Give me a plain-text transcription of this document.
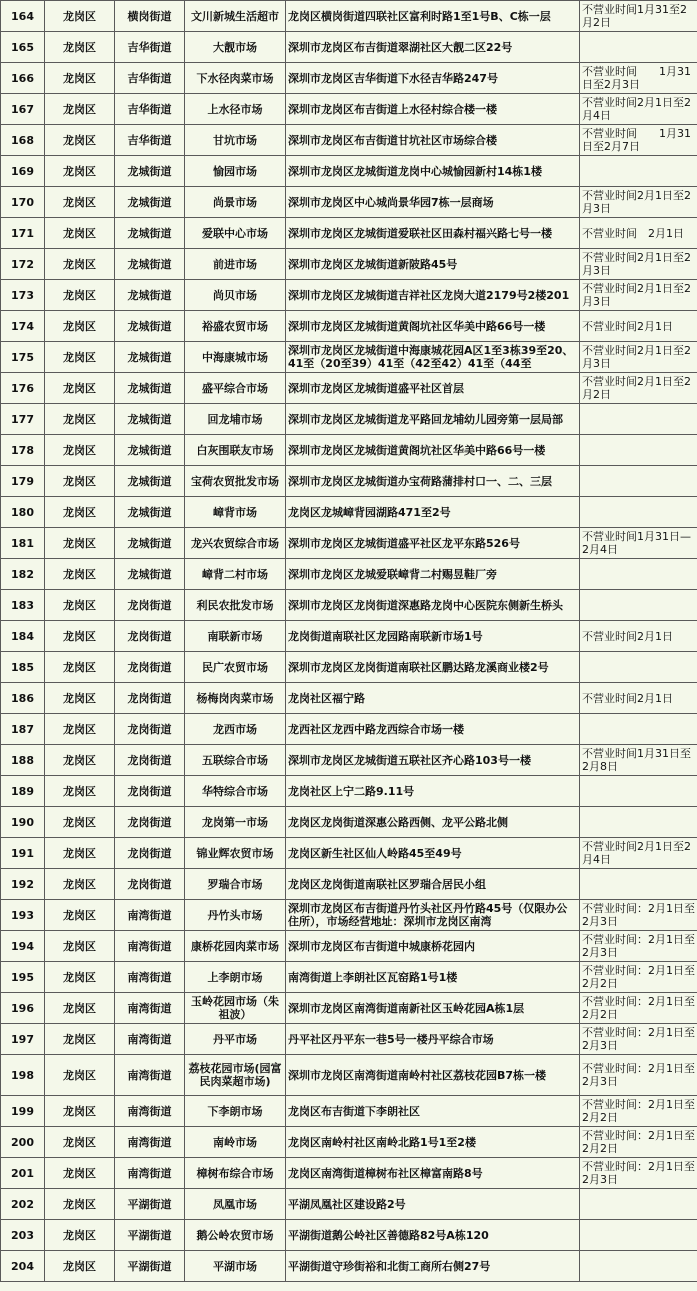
164	龙岗区	横岗街道	文川新城生活超市	龙岗区横岗街道四联社区富利时路1至1号B、C栋一层	不营业时间1月31至2月2日

165	龙岗区	吉华街道	大靓市场	深圳市龙岗区布吉街道翠湖社区大靓二区22号	

166	龙岗区	吉华街道	下水径肉菜市场	深圳市龙岗区吉华街道下水径吉华路247号	不营业时间　　1月31日至2月3日

167	龙岗区	吉华街道	上水径市场	深圳市龙岗区布吉街道上水径村综合楼一楼	不营业时间2月1日至2月4日

168	龙岗区	吉华街道	甘坑市场	深圳市龙岗区布吉街道甘坑社区市场综合楼	不营业时间　　1月31日至2月7日

169	龙岗区	龙城街道	愉园市场	深圳市龙岗区龙城街道龙岗中心城愉园新村14栋1楼	

170	龙岗区	龙城街道	尚景市场	深圳市龙岗区中心城尚景华园7栋一层商场	不营业时间2月1日至2月3日

171	龙岗区	龙城街道	爱联中心市场	深圳市龙岗区龙城街道爱联社区田森村福兴路七号一楼	不营业时间　2月1日

172	龙岗区	龙城街道	前进市场	深圳市龙岗区龙城街道新陂路45号	不营业时间2月1日至2月3日

173	龙岗区	龙城街道	尚贝市场	深圳市龙岗区龙城街道吉祥社区龙岗大道2179号2楼201	不营业时间2月1日至2月3日

174	龙岗区	龙城街道	裕盛农贸市场	深圳市龙岗区龙城街道黄阁坑社区华美中路66号一楼	不营业时间2月1日

175	龙岗区	龙城街道	中海康城市场	深圳市龙岗区龙城街道中海康城花园A区1至3栋39至20、41至（20至39）41至（42至42）41至（44至	不营业时间2月1日至2月3日

176	龙岗区	龙城街道	盛平综合市场	深圳市龙岗区龙城街道盛平社区首层	不营业时间2月1日至2月2日

177	龙岗区	龙城街道	回龙埔市场	深圳市龙岗区龙城街道龙平路回龙埔幼儿园旁第一层局部	

178	龙岗区	龙城街道	白灰围联友市场	深圳市龙岗区龙城街道黄阁坑社区华美中路66号一楼	

179	龙岗区	龙城街道	宝荷农贸批发市场	深圳市龙岗区龙城街道办宝荷路蒲排村口一、二、三层	

180	龙岗区	龙城街道	嶂背市场	龙岗区龙城嶂背园湖路471至2号	

181	龙岗区	龙城街道	龙兴农贸综合市场	深圳市龙岗区龙城街道盛平社区龙平东路526号	不营业时间1月31日—2月4日

182	龙岗区	龙城街道	嶂背二村市场	深圳市龙岗区龙城爱联嶂背二村赐昱鞋厂旁	

183	龙岗区	龙岗街道	利民农批发市场	深圳市龙岗区龙岗街道深惠路龙岗中心医院东侧新生桥头	

184	龙岗区	龙岗街道	南联新市场	龙岗街道南联社区龙园路南联新市场1号	不营业时间2月1日

185	龙岗区	龙岗街道	民广农贸市场	深圳市龙岗区龙岗街道南联社区鹏达路龙溪商业楼2号	

186	龙岗区	龙岗街道	杨梅岗肉菜市场	龙岗社区福宁路	不营业时间2月1日

187	龙岗区	龙岗街道	龙西市场	龙西社区龙西中路龙西综合市场一楼	

188	龙岗区	龙岗街道	五联综合市场	深圳市龙岗区龙城街道五联社区齐心路103号一楼	不营业时间1月31日至2月8日

189	龙岗区	龙岗街道	华特综合市场	龙岗社区上宁二路9.11号	

190	龙岗区	龙岗街道	龙岗第一市场	龙岗区龙岗街道深惠公路西侧、龙平公路北侧	

191	龙岗区	龙岗街道	锦业辉农贸市场	龙岗区新生社区仙人岭路45至49号	不营业时间2月1日至2月4日

192	龙岗区	龙岗街道	罗瑞合市场	龙岗区龙岗街道南联社区罗瑞合居民小组	

193	龙岗区	南湾街道	丹竹头市场	深圳市龙岗区布吉街道丹竹头社区丹竹路45号（仅限办公住所），市场经营地址：深圳市龙岗区南湾	不营业时间：2月1日至2月3日

194	龙岗区	南湾街道	康桥花园肉菜市场	深圳市龙岗区布吉街道中城康桥花园内	不营业时间：2月1日至2月3日

195	龙岗区	南湾街道	上李朗市场	南湾街道上李朗社区瓦窑路1号1楼	不营业时间：2月1日至2月2日

196	龙岗区	南湾街道	玉岭花园市场（朱祖波）	深圳市龙岗区南湾街道南新社区玉岭花园A栋1层	不营业时间：2月1日至2月2日

197	龙岗区	南湾街道	丹平市场	丹平社区丹平东一巷5号一楼丹平综合市场	不营业时间：2月1日至2月3日

198	龙岗区	南湾街道	荔枝花园市场(园富民肉菜超市场)	深圳市龙岗区南湾街道南岭村社区荔枝花园B7栋一楼	不营业时间：2月1日至2月3日

199	龙岗区	南湾街道	下李朗市场	龙岗区布吉街道下李朗社区	不营业时间：2月1日至2月2日

200	龙岗区	南湾街道	南岭市场	龙岗区南岭村社区南岭北路1号1至2楼	不营业时间：2月1日至2月2日

201	龙岗区	南湾街道	樟树布综合市场	龙岗区南湾街道樟树布社区樟富南路8号	不营业时间：2月1日至2月3日

202	龙岗区	平湖街道	凤凰市场	平湖凤凰社区建设路2号	

203	龙岗区	平湖街道	鹅公岭农贸市场	平湖街道鹅公岭社区善德路82号A栋120	

204	龙岗区	平湖街道	平湖市场	平湖街道守珍街裕和北街工商所右侧27号	
